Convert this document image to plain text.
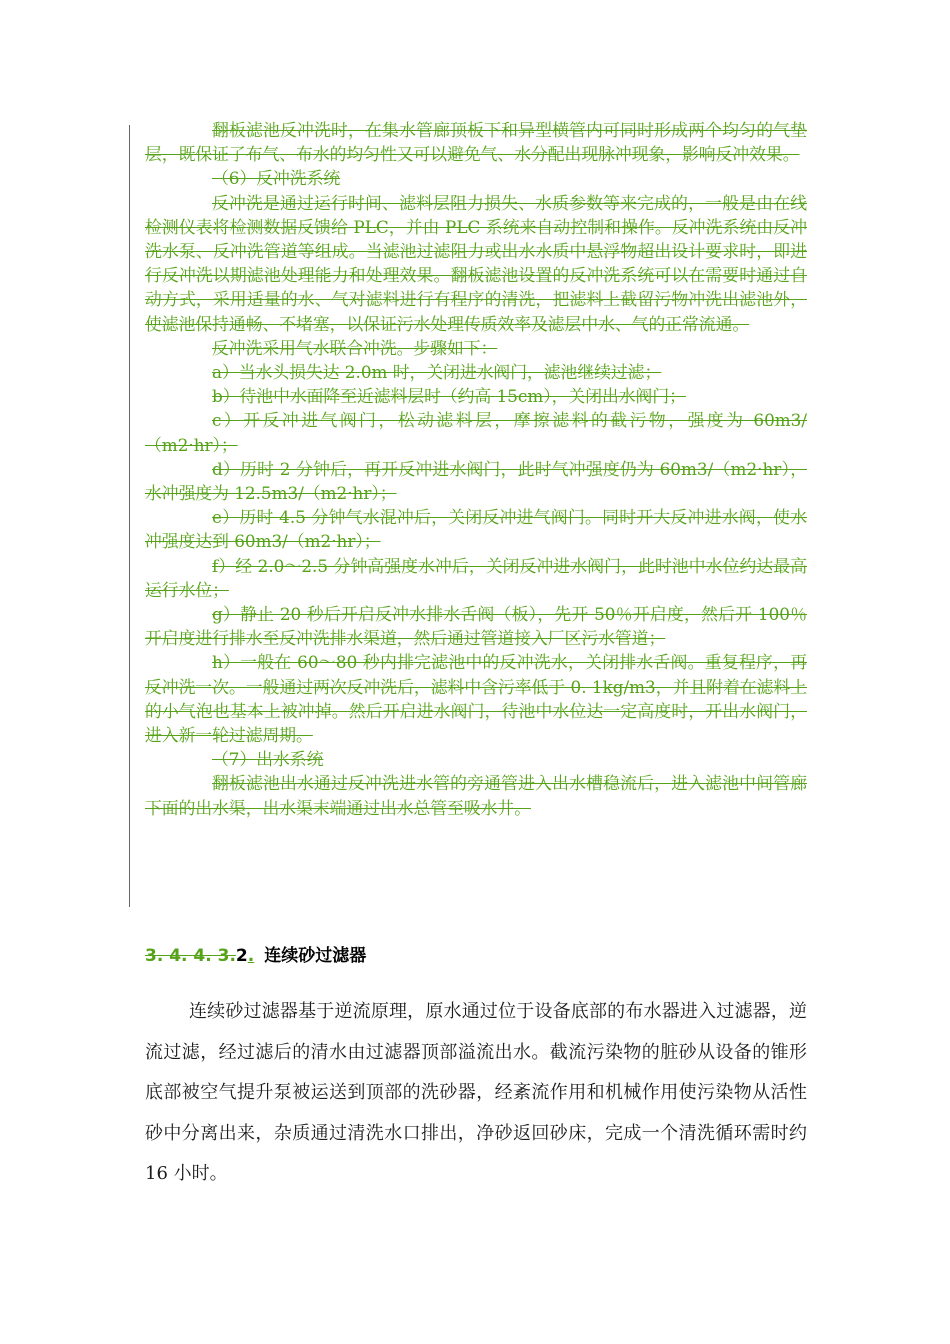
翻板滤池反冲洗时，在集水管廊顶板下和异型横管内可同时形成两个均匀的气垫层，既保证了布气、布水的均匀性又可以避免气、水分配出现脉冲现象，影响反冲效果。

（6）反冲洗系统

反冲洗是通过运行时间、滤料层阻力损失、水质参数等来完成的，一般是由在线检测仪表将检测数据反馈给 PLC，并由 PLC 系统来自动控制和操作。反冲洗系统由反冲洗水泵、反冲洗管道等组成。当滤池过滤阻力或出水水质中悬浮物超出设计要求时，即进行反冲洗以期滤池处理能力和处理效果。翻板滤池设置的反冲洗系统可以在需要时通过自动方式，采用适量的水、气对滤料进行有程序的清洗，把滤料上截留污物冲洗出滤池外，使滤池保持通畅、不堵塞，以保证污水处理传质效率及滤层中水、气的正常流通。

反冲洗采用气水联合冲洗。步骤如下：

a）当水头损失达 2.0m 时，关闭进水阀门，滤池继续过滤；

b）待池中水面降至近滤料层时（约高 15cm），关闭出水阀门；

c）开反冲进气阀门，松动滤料层，摩擦滤料的截污物，强度为 60m3/（m2·hr）；

d）历时 2 分钟后，再开反冲进水阀门，此时气冲强度仍为 60m3/（m2·hr），水冲强度为 12.5m3/（m2·hr）；

e）历时 4.5 分钟气水混冲后，关闭反冲进气阀门。同时开大反冲进水阀，使水冲强度达到 60m3/（m2·hr）；

f）经 2.0～2.5 分钟高强度水冲后，关闭反冲进水阀门，此时池中水位约达最高运行水位；

g）静止 20 秒后开启反冲水排水舌阀（板），先开 50％开启度，然后开 100％开启度进行排水至反冲洗排水渠道，然后通过管道接入厂区污水管道；

h）一般在 60～80 秒内排完滤池中的反冲洗水，关闭排水舌阀。重复程序，再反冲洗一次。一般通过两次反冲洗后，滤料中含污率低于 0. 1kg/m3，并且附着在滤料上的小气泡也基本上被冲掉。然后开启进水阀门，待池中水位达一定高度时，开出水阀门，进入新一轮过滤周期。

（7）出水系统

翻板滤池出水通过反冲洗进水管的旁通管进入出水槽稳流后，进入滤池中间管廊下面的出水渠，出水渠末端通过出水总管至吸水井。

3. 4. 4. 3.2. 连续砂过滤器

连续砂过滤器基于逆流原理，原水通过位于设备底部的布水器进入过滤器，逆流过滤，经过滤后的清水由过滤器顶部溢流出水。截流污染物的脏砂从设备的锥形底部被空气提升泵被运送到顶部的洗砂器，经紊流作用和机械作用使污染物从活性砂中分离出来，杂质通过清洗水口排出，净砂返回砂床，完成一个清洗循环需时约 16 小时。
